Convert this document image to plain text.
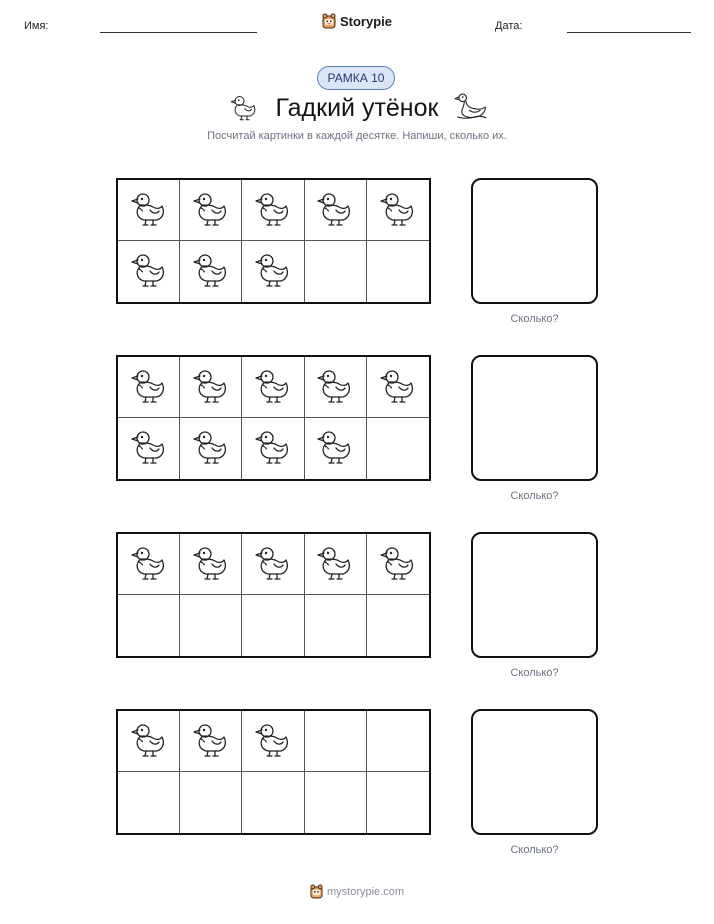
Имя:	Storypie	Дата:
РАМКА 10
Гадкий утёнок
Посчитай картинки в каждой десятке. Напиши, сколько их.
Сколько?
Сколько?
Сколько?
Сколько?
mystorypie.com
